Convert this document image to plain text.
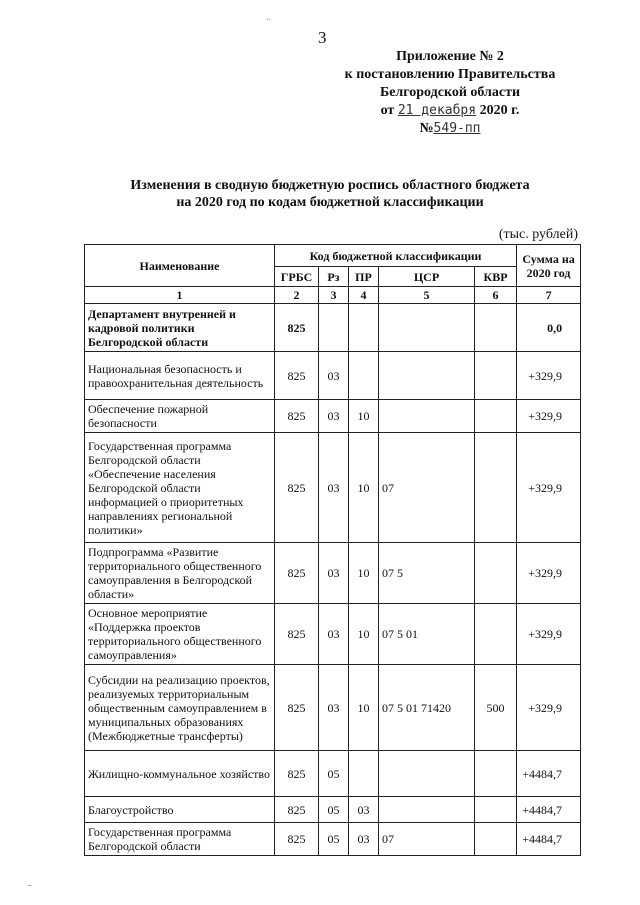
3
Приложение № 2
к постановлению Правительства
Белгородской области
от 21 декабря 2020 г.
№549-пп
Изменения в сводную бюджетную роспись областного бюджета
на 2020 год по кодам бюджетной классификации
(тыс. рублей)
Наименование	Код бюджетной классификации					Сумма на 2020 год
	ГРБС	Рз	ПР	ЦСР	КВР	
1	2	3	4	5	6	7
Департамент внутренней и кадровой политики Белгородской области	825					0,0
Национальная безопасность и правоохранительная деятельность	825	03				+329,9
Обеспечение пожарной безопасности	825	03	10			+329,9
Государственная программа Белгородской области «Обеспечение населения Белгородской области информацией о приоритетных направлениях региональной политики»	825	03	10	07		+329,9
Подпрограмма «Развитие территориального общественного самоуправления в Белгородской области»	825	03	10	07 5		+329,9
Основное мероприятие «Поддержка проектов территориального общественного самоуправления»	825	03	10	07 5 01		+329,9
Субсидии на реализацию проектов, реализуемых территориальным общественным самоуправлением в муниципальных образованиях (Межбюджетные трансферты)	825	03	10	07 5 01 71420	500	+329,9
Жилищно-коммунальное хозяйство	825	05				+4484,7
Благоустройство	825	05	03			+4484,7
Государственная программа Белгородской области	825	05	03	07		+4484,7
..
-
